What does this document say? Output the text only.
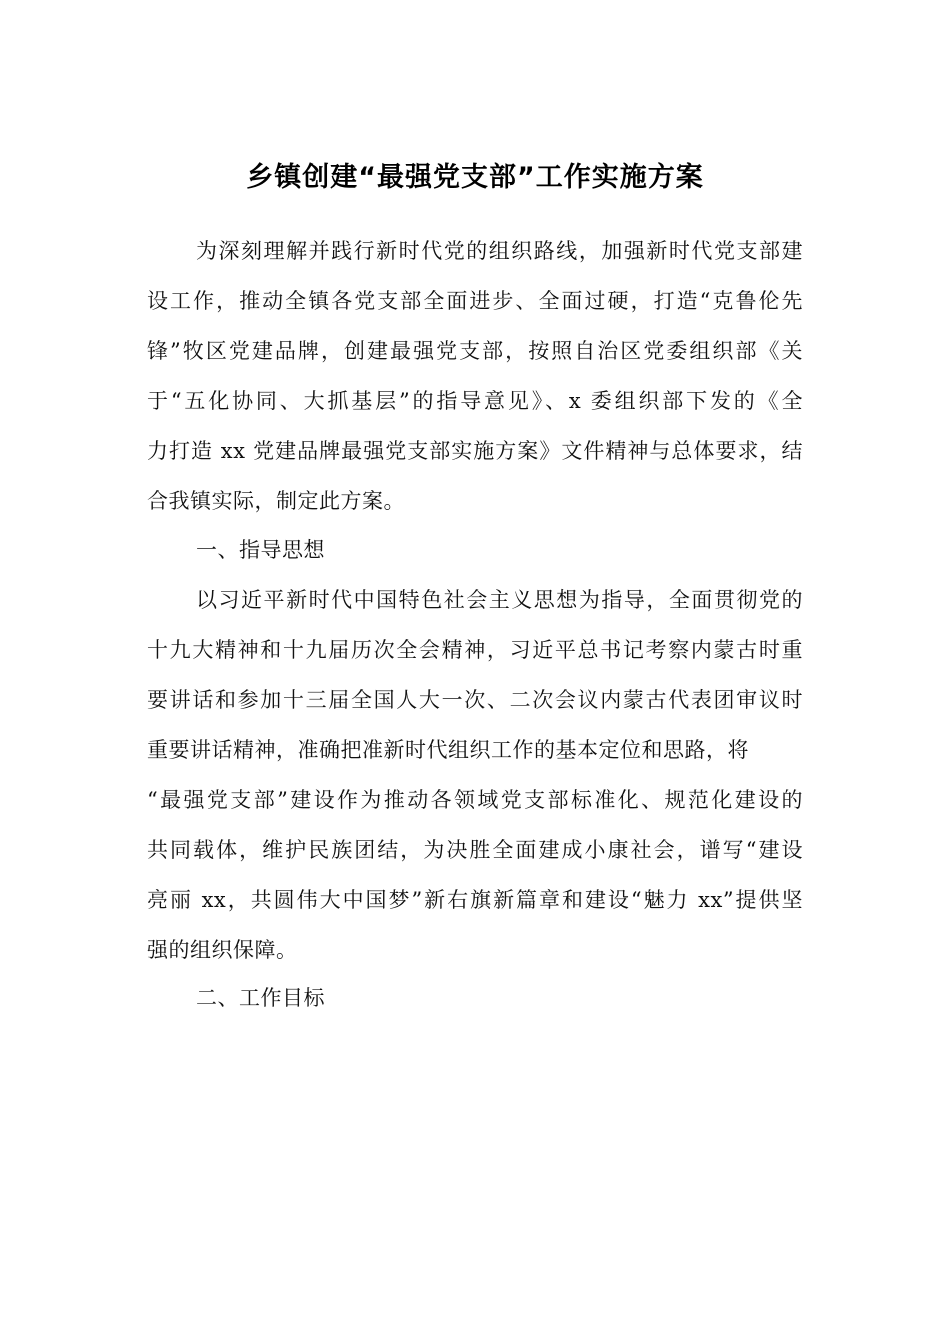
乡镇创建“最强党支部”工作实施方案
为深刻理解并践行新时代党的组织路线，加强新时代党支部建
设工作，推动全镇各党支部全面进步、全面过硬，打造“克鲁伦先
锋”牧区党建品牌，创建最强党支部，按照自治区党委组织部《关
于“五化协同、大抓基层”的指导意见》、x 委组织部下发的《全
力打造 xx 党建品牌最强党支部实施方案》文件精神与总体要求，结
合我镇实际，制定此方案。
一、指导思想
以习近平新时代中国特色社会主义思想为指导，全面贯彻党的
十九大精神和十九届历次全会精神，习近平总书记考察内蒙古时重
要讲话和参加十三届全国人大一次、二次会议内蒙古代表团审议时
重要讲话精神，准确把准新时代组织工作的基本定位和思路，将
“最强党支部”建设作为推动各领域党支部标准化、规范化建设的
共同载体，维护民族团结，为决胜全面建成小康社会，谱写“建设
亮丽 xx，共圆伟大中国梦”新右旗新篇章和建设“魅力 xx”提供坚
强的组织保障。
二、工作目标
